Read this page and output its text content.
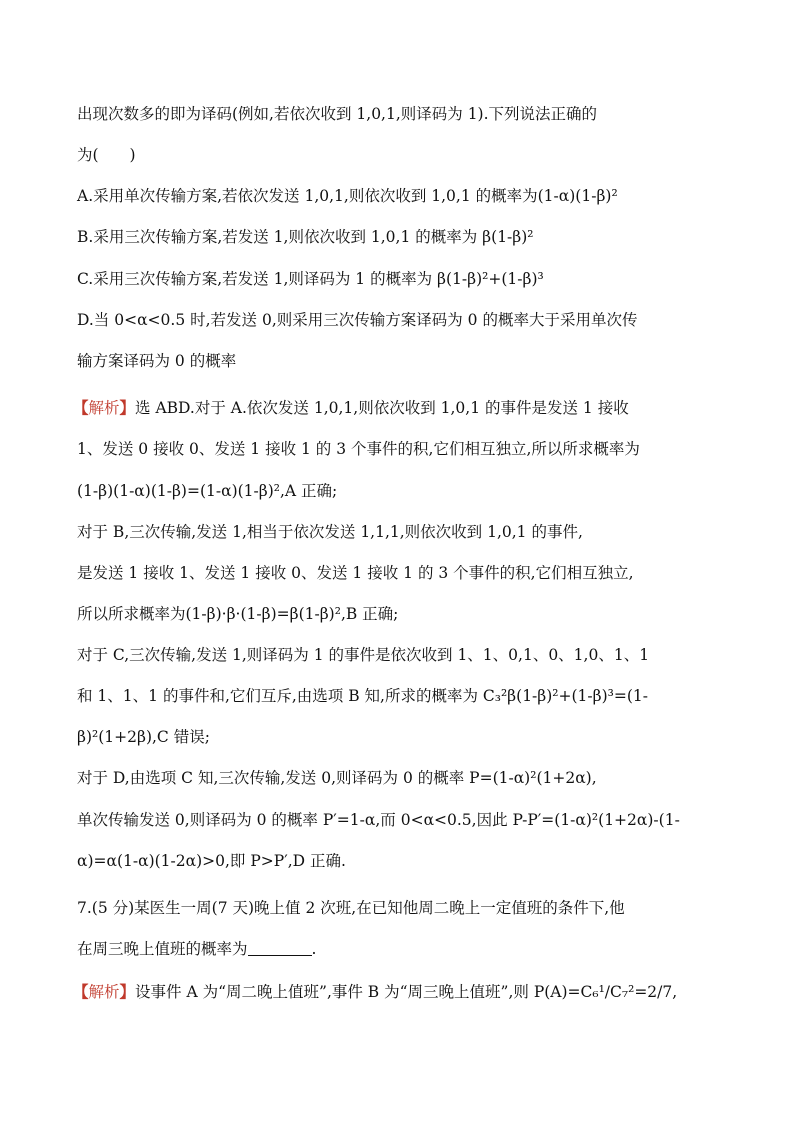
出现次数多的即为译码(例如,若依次收到 1,0,1,则译码为 1).下列说法正确的
为(　　)
A.采用单次传输方案,若依次发送 1,0,1,则依次收到 1,0,1 的概率为(1-α)(1-β)²
B.采用三次传输方案,若发送 1,则依次收到 1,0,1 的概率为 β(1-β)²
C.采用三次传输方案,若发送 1,则译码为 1 的概率为 β(1-β)²+(1-β)³
D.当 0<α<0.5 时,若发送 0,则采用三次传输方案译码为 0 的概率大于采用单次传
输方案译码为 0 的概率
【解析】选 ABD.对于 A.依次发送 1,0,1,则依次收到 1,0,1 的事件是发送 1 接收
1、发送 0 接收 0、发送 1 接收 1 的 3 个事件的积,它们相互独立,所以所求概率为
(1-β)(1-α)(1-β)=(1-α)(1-β)²,A 正确;
对于 B,三次传输,发送 1,相当于依次发送 1,1,1,则依次收到 1,0,1 的事件,
是发送 1 接收 1、发送 1 接收 0、发送 1 接收 1 的 3 个事件的积,它们相互独立,
所以所求概率为(1-β)·β·(1-β)=β(1-β)²,B 正确;
对于 C,三次传输,发送 1,则译码为 1 的事件是依次收到 1、1、0,1、0、1,0、1、1
和 1、1、1 的事件和,它们互斥,由选项 B 知,所求的概率为 C₃²β(1-β)²+(1-β)³=(1-
β)²(1+2β),C 错误;
对于 D,由选项 C 知,三次传输,发送 0,则译码为 0 的概率 P=(1-α)²(1+2α),
单次传输发送 0,则译码为 0 的概率 P′=1-α,而 0<α<0.5,因此 P-P′=(1-α)²(1+2α)-(1-
α)=α(1-α)(1-2α)>0,即 P>P′,D 正确.
7.(5 分)某医生一周(7 天)晚上值 2 次班,在已知他周二晚上一定值班的条件下,他
在周三晚上值班的概率为	.
【解析】设事件 A 为“周二晚上值班”,事件 B 为“周三晚上值班”,则 P(A)=C₆¹/C₇²=2/7,
